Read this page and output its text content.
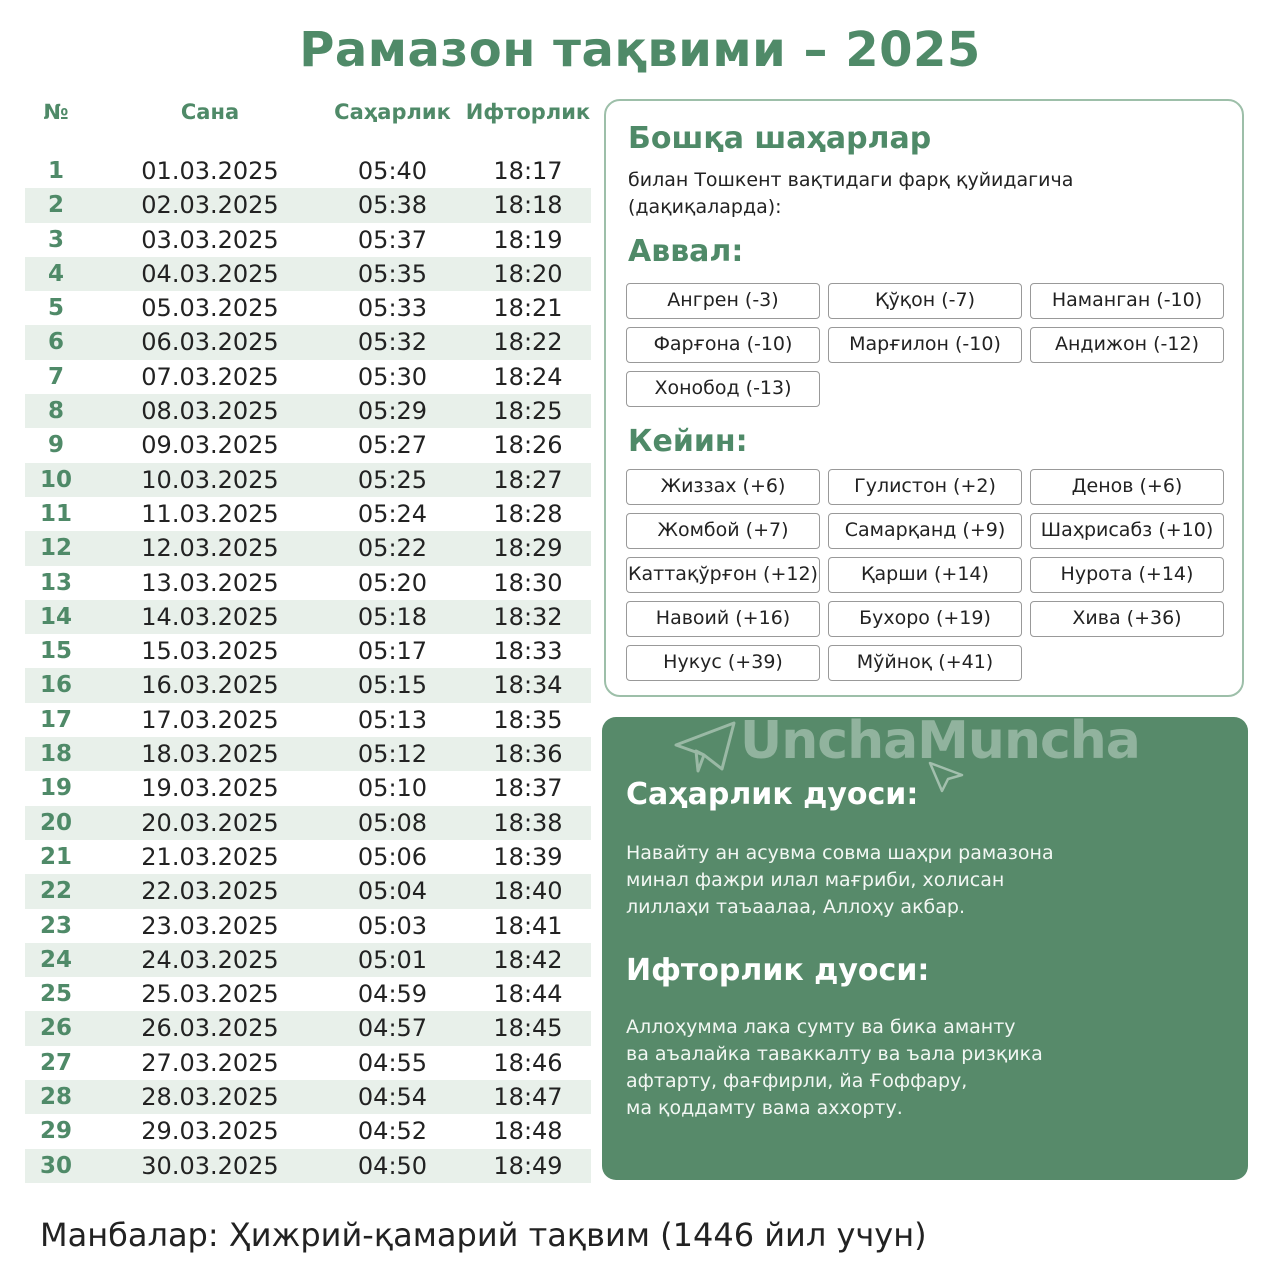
Рамазон тақвими – 2025
№	Сана	Саҳарлик Ифторлик
1	01.03.2025	05:40	18:17
2	02.03.2025	05:38	18:18
3	03.03.2025	05:37	18:19
4	04.03.2025	05:35	18:20
5	05.03.2025	05:33	18:21
6	06.03.2025	05:32	18:22
7	07.03.2025	05:30	18:24
8	08.03.2025	05:29	18:25
9	09.03.2025	05:27	18:26
10	10.03.2025	05:25	18:27
11	11.03.2025	05:24	18:28
12	12.03.2025	05:22	18:29
13	13.03.2025	05:20	18:30
14	14.03.2025	05:18	18:32
15	15.03.2025	05:17	18:33
16	16.03.2025	05:15	18:34
17	17.03.2025	05:13	18:35
18	18.03.2025	05:12	18:36
19	19.03.2025	05:10	18:37
20	20.03.2025	05:08	18:38
21	21.03.2025	05:06	18:39
22	22.03.2025	05:04	18:40
23	23.03.2025	05:03	18:41
24	24.03.2025	05:01	18:42
25	25.03.2025	04:59	18:44
26	26.03.2025	04:57	18:45
27	27.03.2025	04:55	18:46
28	28.03.2025	04:54	18:47
29	29.03.2025	04:52	18:48
30	30.03.2025	04:50	18:49
Бошқа шаҳарлар
билан Тошкент вақтидаги фарқ қуйидагича (дақиқаларда):
Аввал:
Ангрен (-3)	Қўқон (-7)	Наманган (-10)
Фарғона (-10)	Марғилон (-10)	Андижон (-12)
Хонобод (-13)
Кейин:
Жиззах (+6)	Гулистон (+2)	Денов (+6)
Жомбой (+7)	Самарқанд (+9)	Шаҳрисабз (+10)
Каттақўрғон (+12)	Қарши (+14)	Нурота (+14)
Навоий (+16)	Бухоро (+19)	Хива (+36)
Нукус (+39)	Мўйноқ (+41)
UnchaMuncha
Саҳарлик дуоси:
Навайту ан асувма совма шаҳри рамазона
минал фажри илал мағриби, холисан
лиллаҳи таъаалаа, Аллоҳу акбар.
Ифторлик дуоси:
Аллоҳумма лака сумту ва бика аманту
ва аъалайка таваккалту ва ъала ризқика
афтарту, фағфирли, йа Ғоффару,
ма қоддамту вама аххорту.
Манбалар: Ҳижрий-қамарий тақвим (1446 йил учун)
